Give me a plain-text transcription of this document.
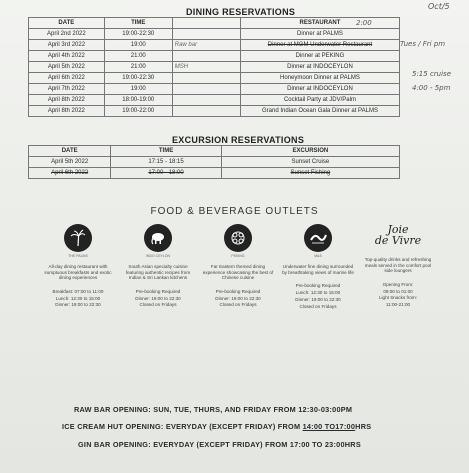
Oct/5
2:00
Tues / Fri pm
5:15 cruise
4:00 - 5pm
DINING RESERVATIONS
DATE	TIME		RESTAURANT
April 2nd 2022	19:00-22:30		Dinner at PALMS
April 3rd 2022	19:00	Raw bar	Dinner at MGM Underwater Restaurant
April 4th 2022	21:00		Dinner at PEKING
April 5th 2022	21:00	MSH	Dinner at INDOCEYLON
April 6th 2022	19:00-22:30		Honeymoon Dinner at PALMS
April 7th 2022	19:00		Dinner at INDOCEYLON
April 8th 2022	18:00-19:00		Cocktail Party at JDV/Palm
April 8th 2022	19:00-22:00		Grand Indian Ocean Gala Dinner at PALMS
EXCURSION RESERVATIONS
DATE	TIME	EXCURSION
April 5th 2022	17:15 - 18:15	Sunset Cruise
April 6th 2022	17:00 - 18:00	Sunset Fishing
FOOD & BEVERAGE OUTLETS
THE PALMS
All-day dining restaurant with sumptuous breakfasts and exotic dining experiences
Breakfast: 07:00 to 11:00
Lunch: 12:30 to 15:00
Dinner: 19:00 to 22:30
INDO CEYLON
South Asian specialty cuisine featuring authentic recipes from Indian & Sri Lankan kitchens
Pre-booking Required
Dinner: 19:00 to 22:30
Closed on Fridays
PEKING
Far Eastern themed dining experience showcasing the best of Chinese cuisine
Pre-booking Required
Dinner: 19:00 to 22:30
Closed on Fridays
M&S
Underwater fine dining surrounded by breathtaking views of marine life
Pre-booking Required
Lunch: 12:30 to 15:00
Dinner: 19:00 to 22:30
Closed on Fridays
Joie
de Vivre
Top-quality drinks and refreshing meals served in the comfort pool side loungers
Opening From:
09:00 to 01:00
Light Snacks from:
11:00-21:00
RAW BAR OPENING: SUN, TUE, THURS, AND FRIDAY FROM 12:30-03:00PM
ICE CREAM HUT OPENING: EVERYDAY (EXCEPT FRIDAY) FROM 14:00 TO17:00HRS
GIN BAR OPENING: EVERYDAY (EXCEPT FRIDAY) FROM 17:00 TO 23:00HRS
